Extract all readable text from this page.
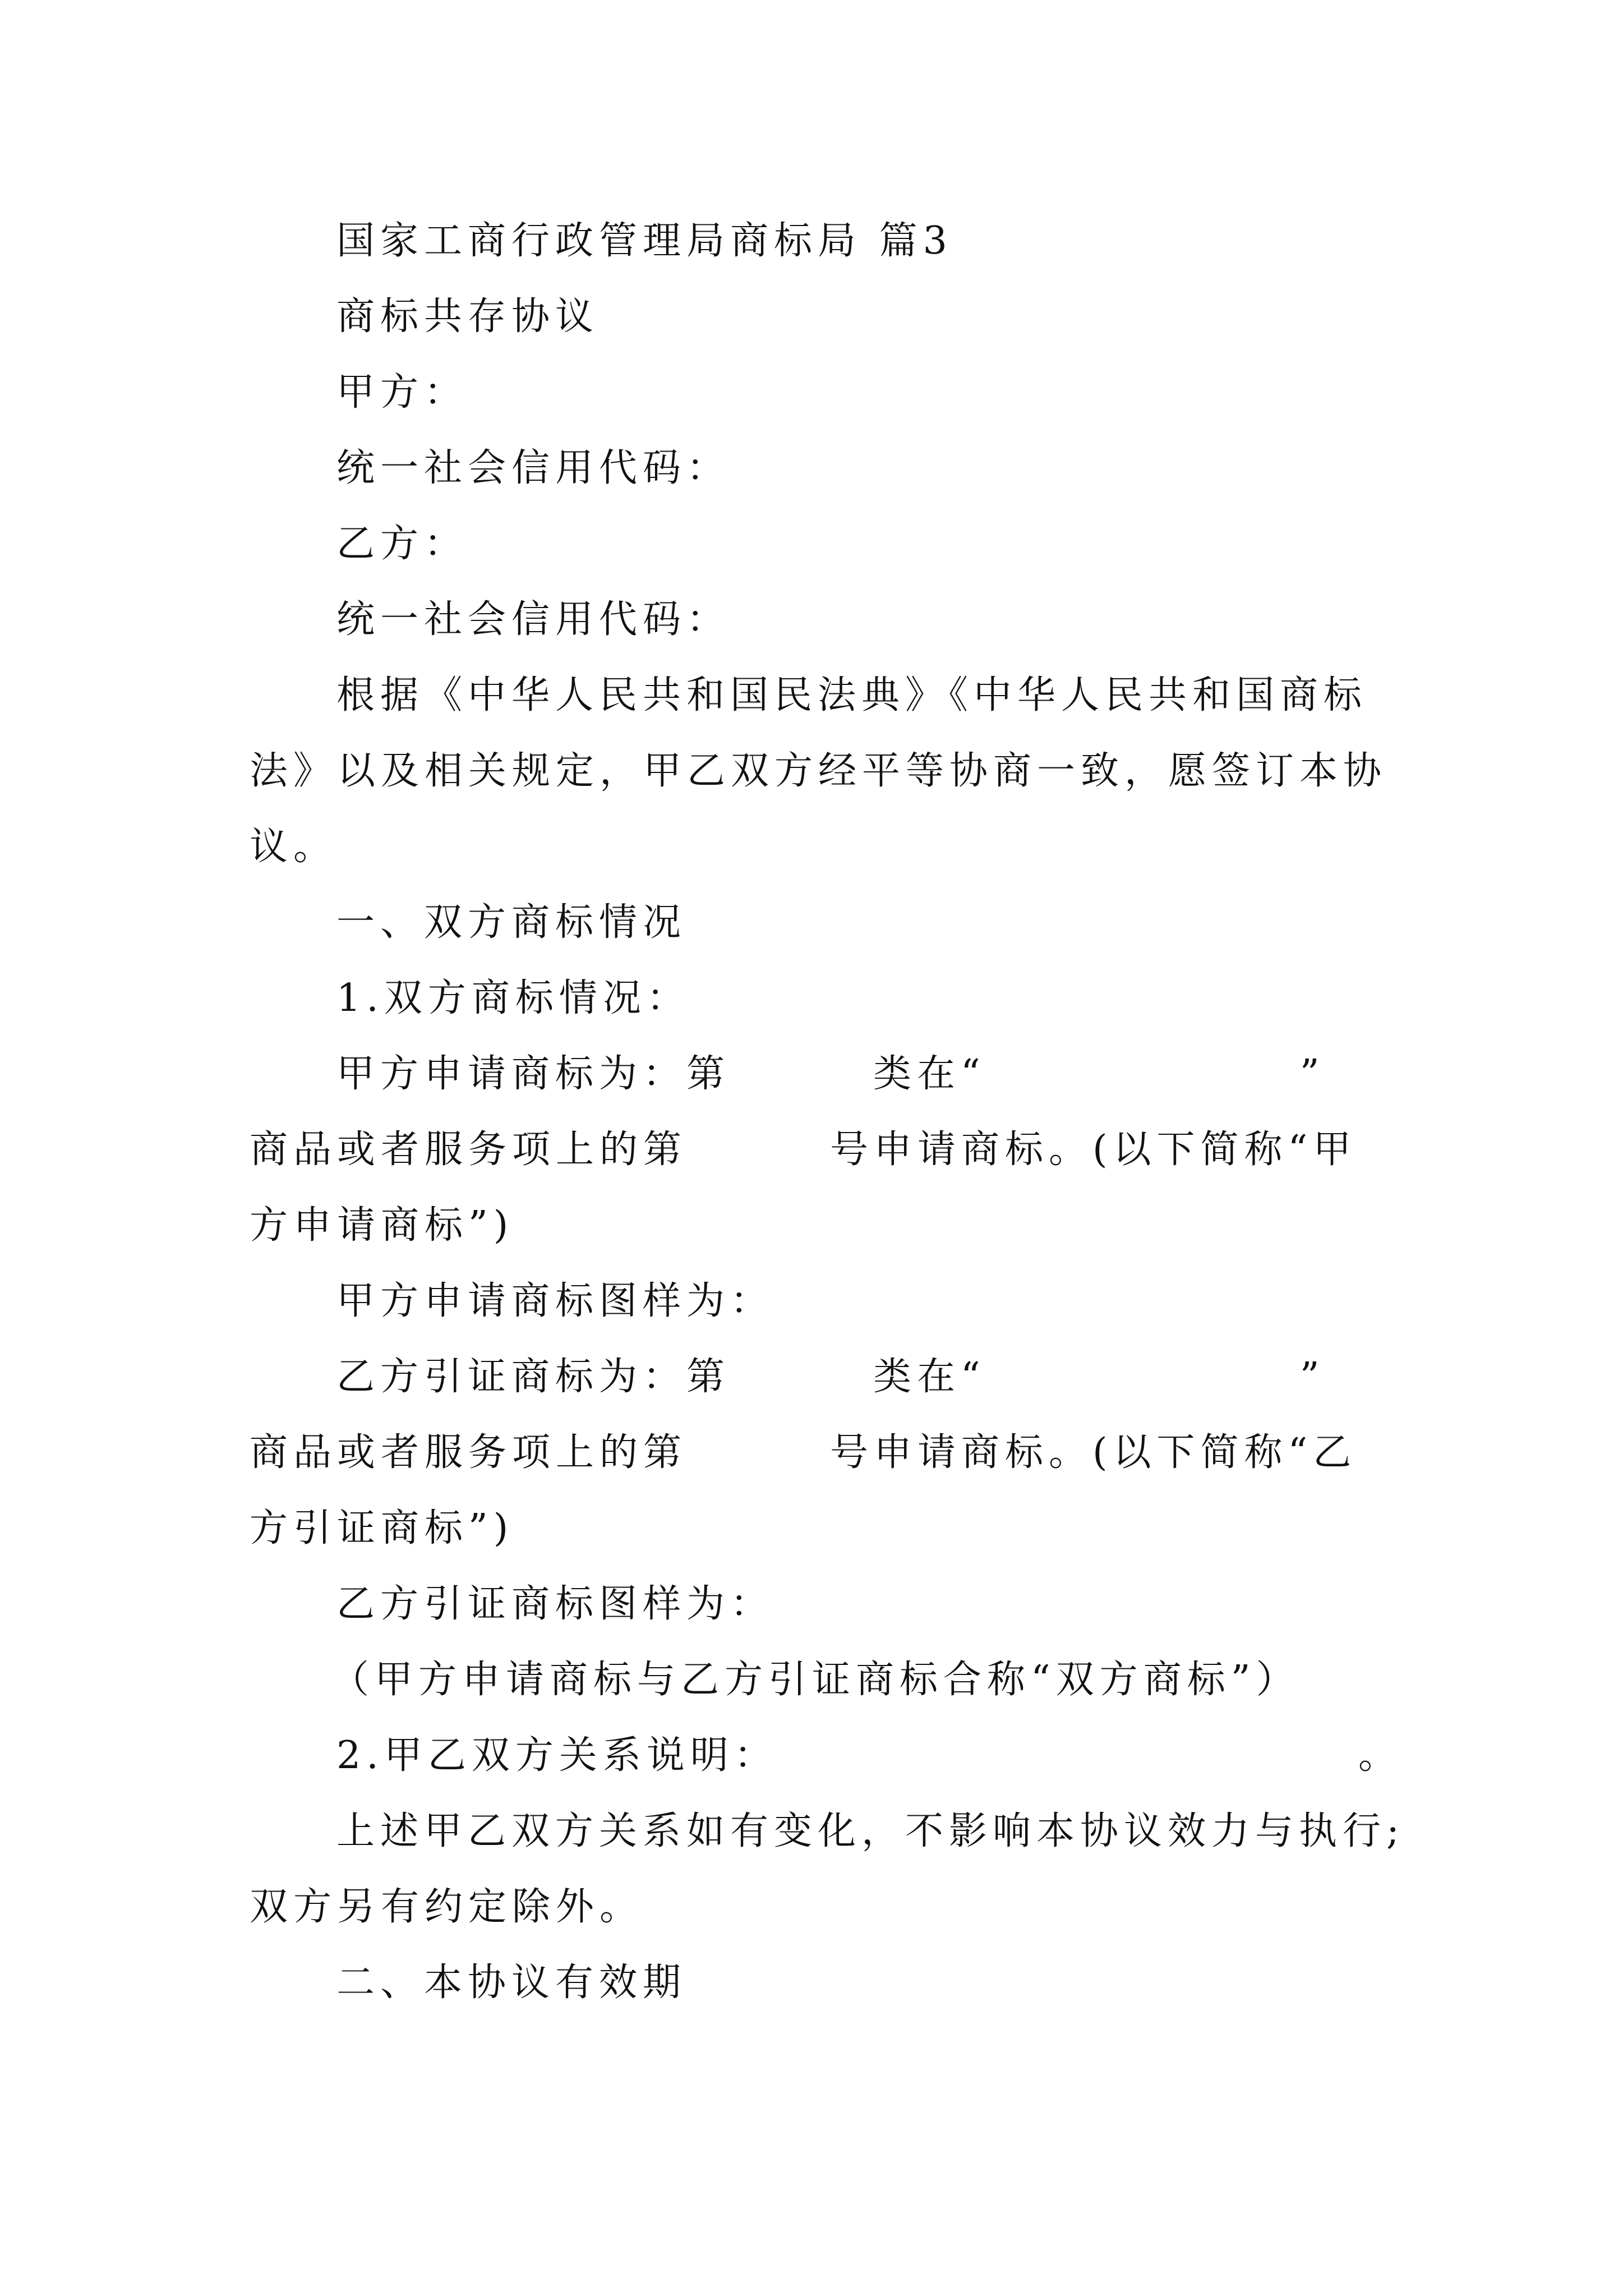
国家工商行政管理局商标局 篇3
商标共存协议
甲方：
统一社会信用代码：
乙方：
统一社会信用代码：
根据《中华人民共和国民法典》《中华人民共和国商标
法》以及相关规定，甲乙双方经平等协商一致，愿签订本协
议。
一、双方商标情况
1.双方商标情况：
甲方申请商标为：第	类在“	”
商品或者服务项上的第	号申请商标。(以下简称“甲
方申请商标”)
甲方申请商标图样为：
乙方引证商标为：第	类在“	”
商品或者服务项上的第	号申请商标。(以下简称“乙
方引证商标”)
乙方引证商标图样为：
（甲方申请商标与乙方引证商标合称“双方商标”）
2.甲乙双方关系说明：	。
上述甲乙双方关系如有变化，不影响本协议效力与执行;
双方另有约定除外。
二、本协议有效期
